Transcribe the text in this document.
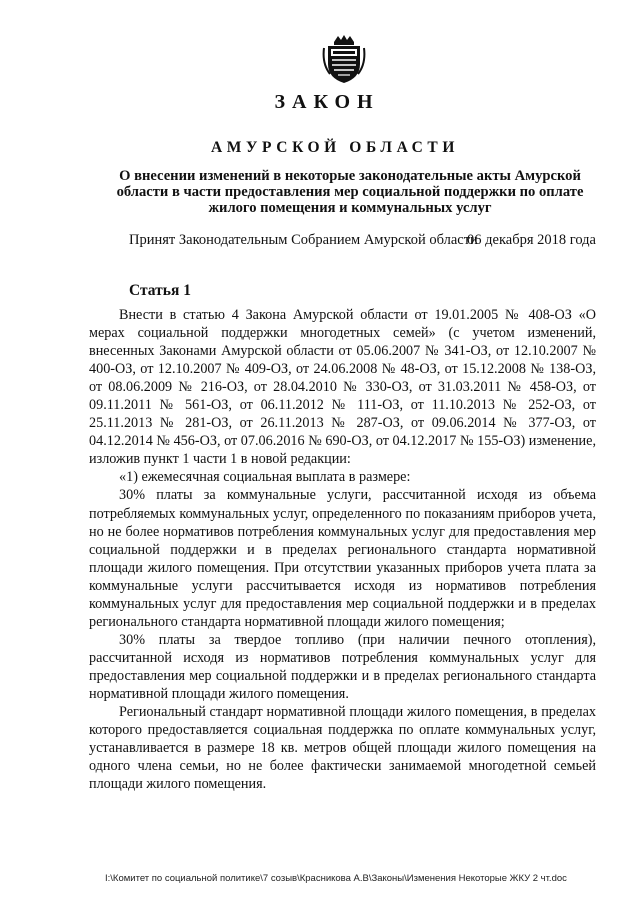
ЗАКОН
АМУРСКОЙ ОБЛАСТИ
О внесении изменений в некоторые законодательные акты Амурской области в части предоставления мер социальной поддержки по оплате жилого помещения и коммунальных услуг
Принят Законодательным Собранием Амурской области
06 декабря 2018 года
Статья 1

Внести в статью 4 Закона Амурской области от 19.01.2005 № 408-ОЗ «О мерах социальной поддержки многодетных семей» (с учетом изменений, внесенных Законами Амурской области от 05.06.2007 № 341-ОЗ, от 12.10.2007 № 400-ОЗ, от 12.10.2007 № 409-ОЗ, от 24.06.2008 № 48-ОЗ, от 15.12.2008 № 138-ОЗ, от 08.06.2009 № 216-ОЗ, от 28.04.2010 № 330-ОЗ, от 31.03.2011 № 458-ОЗ, от 09.11.2011 № 561-ОЗ, от 06.11.2012 № 111-ОЗ, от 11.10.2013 № 252-ОЗ, от 25.11.2013 № 281-ОЗ, от 26.11.2013 № 287-ОЗ, от 09.06.2014 № 377-ОЗ, от 04.12.2014 № 456-ОЗ, от 07.06.2016 № 690-ОЗ, от 04.12.2017 № 155-ОЗ) изменение, изложив пункт 1 части 1 в новой редакции:

«1) ежемесячная социальная выплата в размере:

30% платы за коммунальные услуги, рассчитанной исходя из объема потребляемых коммунальных услуг, определенного по показаниям приборов учета, но не более нормативов потребления коммунальных услуг для предоставления мер социальной поддержки и в пределах регионального стандарта нормативной площади жилого помещения. При отсутствии указанных приборов учета плата за коммунальные услуги рассчитывается исходя из нормативов потребления коммунальных услуг для предоставления мер социальной поддержки и в пределах регионального стандарта нормативной площади жилого помещения;

30% платы за твердое топливо (при наличии печного отопления), рассчитанной исходя из нормативов потребления коммунальных услуг для предоставления мер социальной поддержки и в пределах регионального стандарта нормативной площади жилого помещения.

Региональный стандарт нормативной площади жилого помещения, в пределах которого предоставляется социальная поддержка по оплате коммунальных услуг, устанавливается в размере 18 кв. метров общей площади жилого помещения на одного члена семьи, но не более фактически занимаемой многодетной семьей площади жилого помещения.

I:\Комитет по социальной политике\7 созыв\Красникова А.В\Законы\Изменения Некоторые ЖКУ 2 чт.doc
